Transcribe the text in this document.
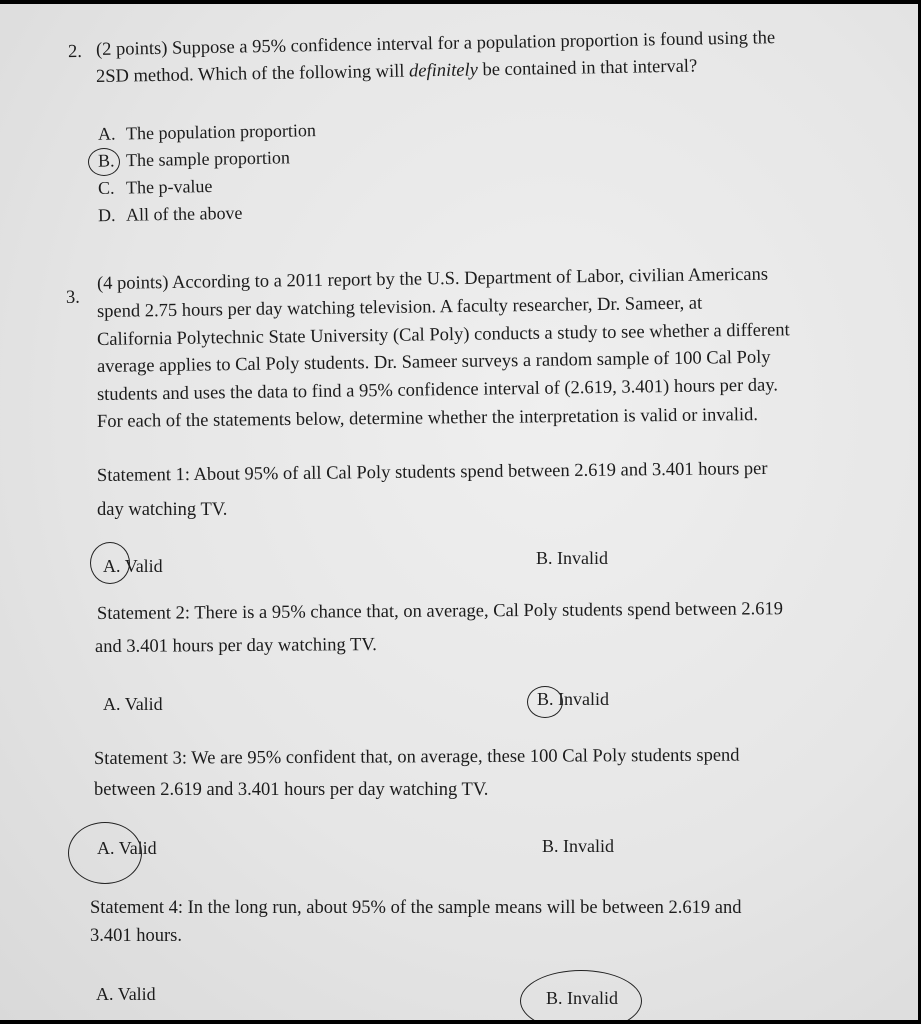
2. (2 points) Suppose a 95% confidence interval for a population proportion is found using the
2SD method. Which of the following will definitely be contained in that interval?
A. The population proportion
B. The sample proportion
C. The p-value
D. All of the above
3.
(4 points) According to a 2011 report by the U.S. Department of Labor, civilian Americans
spend 2.75 hours per day watching television. A faculty researcher, Dr. Sameer, at
California Polytechnic State University (Cal Poly) conducts a study to see whether a different
average applies to Cal Poly students. Dr. Sameer surveys a random sample of 100 Cal Poly
students and uses the data to find a 95% confidence interval of (2.619, 3.401) hours per day.
For each of the statements below, determine whether the interpretation is valid or invalid.
Statement 1: About 95% of all Cal Poly students spend between 2.619 and 3.401 hours per
day watching TV.
A. Valid	B. Invalid
Statement 2: There is a 95% chance that, on average, Cal Poly students spend between 2.619
and 3.401 hours per day watching TV.
A. Valid	B. Invalid
Statement 3: We are 95% confident that, on average, these 100 Cal Poly students spend
between 2.619 and 3.401 hours per day watching TV.
A. Valid	B. Invalid
Statement 4: In the long run, about 95% of the sample means will be between 2.619 and
3.401 hours.
A. Valid	B. Invalid
